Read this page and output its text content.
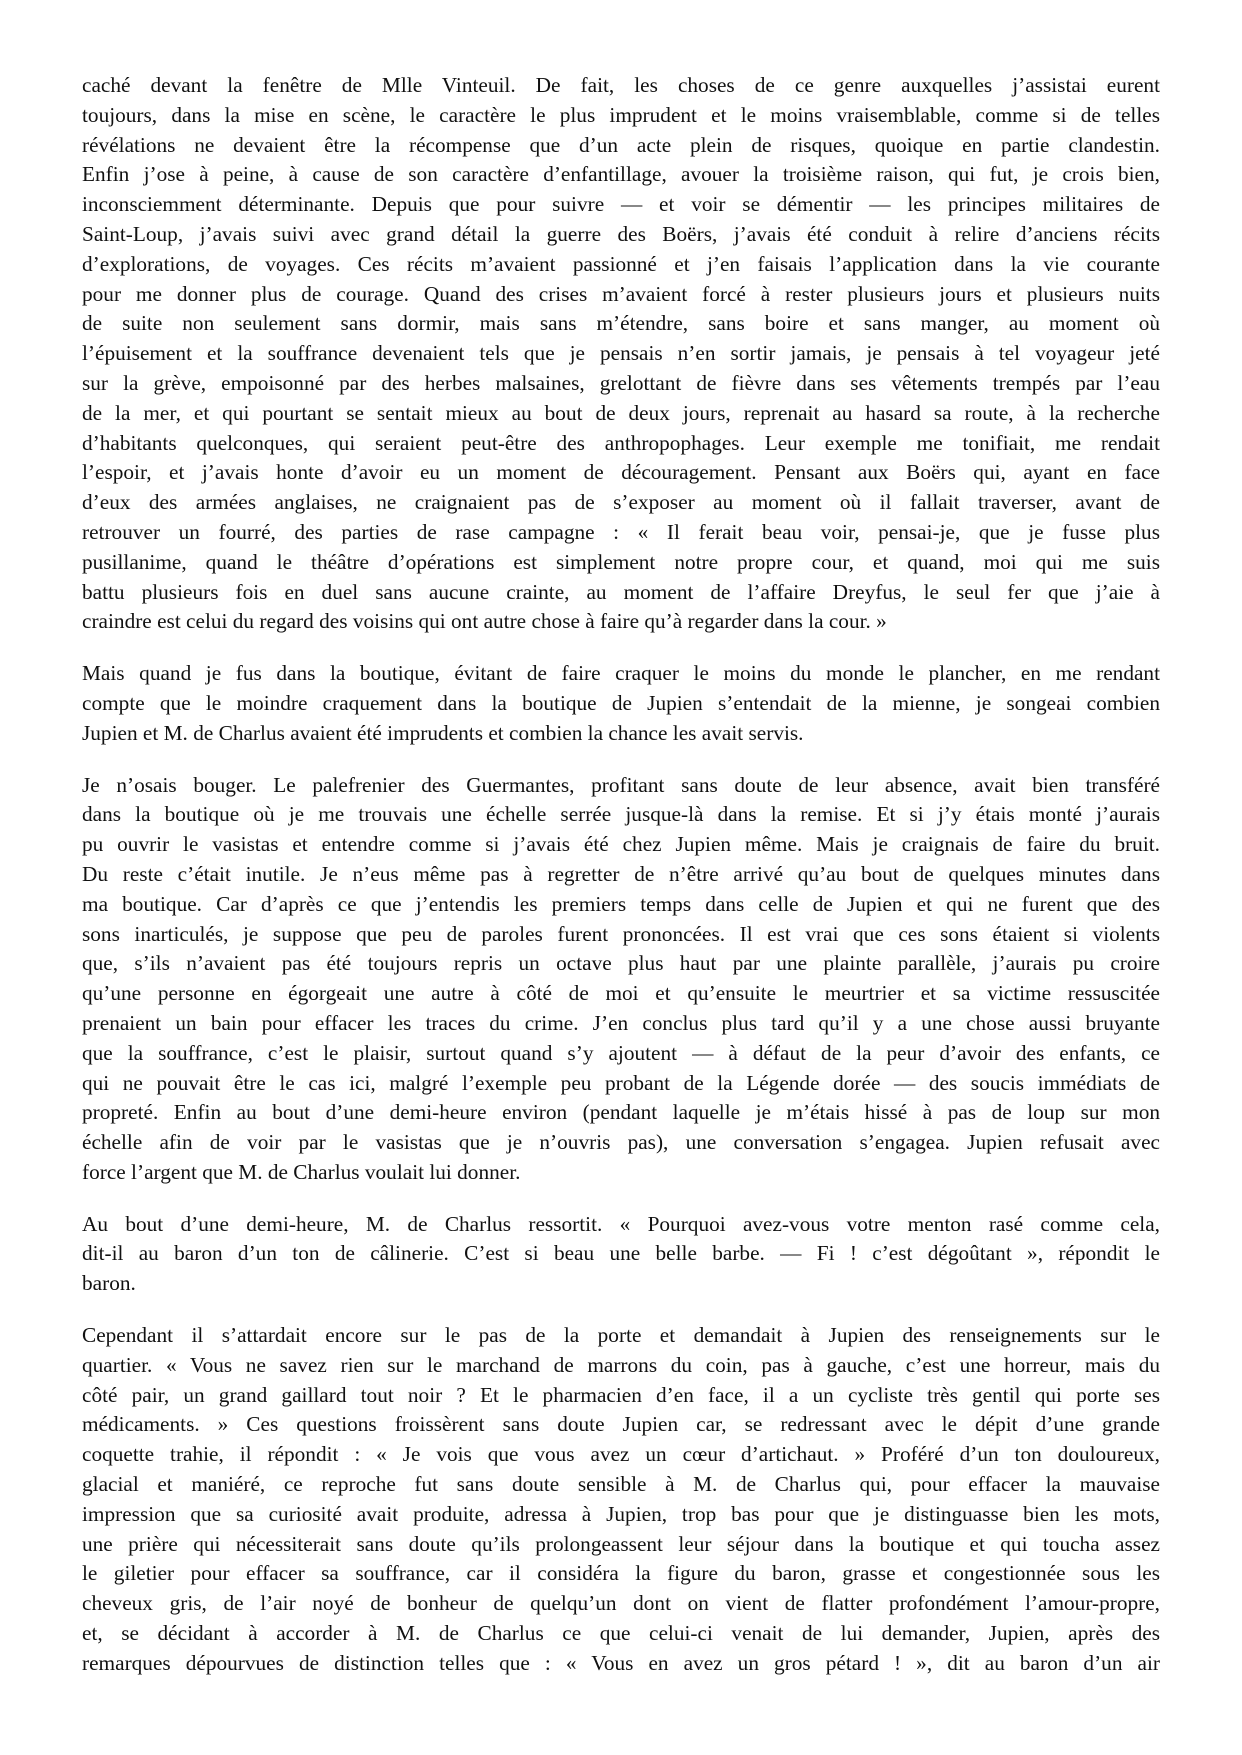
caché devant la fenêtre de Mlle Vinteuil. De fait, les choses de ce genre auxquelles j’assistai eurent
toujours, dans la mise en scène, le caractère le plus imprudent et le moins vraisemblable, comme si de telles
révélations ne devaient être la récompense que d’un acte plein de risques, quoique en partie clandestin.
Enfin j’ose à peine, à cause de son caractère d’enfantillage, avouer la troisième raison, qui fut, je crois bien,
inconsciemment déterminante. Depuis que pour suivre — et voir se démentir — les principes militaires de
Saint-Loup, j’avais suivi avec grand détail la guerre des Boërs, j’avais été conduit à relire d’anciens récits
d’explorations, de voyages. Ces récits m’avaient passionné et j’en faisais l’application dans la vie courante
pour me donner plus de courage. Quand des crises m’avaient forcé à rester plusieurs jours et plusieurs nuits
de suite non seulement sans dormir, mais sans m’étendre, sans boire et sans manger, au moment où
l’épuisement et la souffrance devenaient tels que je pensais n’en sortir jamais, je pensais à tel voyageur jeté
sur la grève, empoisonné par des herbes malsaines, grelottant de fièvre dans ses vêtements trempés par l’eau
de la mer, et qui pourtant se sentait mieux au bout de deux jours, reprenait au hasard sa route, à la recherche
d’habitants quelconques, qui seraient peut-être des anthropophages. Leur exemple me tonifiait, me rendait
l’espoir, et j’avais honte d’avoir eu un moment de découragement. Pensant aux Boërs qui, ayant en face
d’eux des armées anglaises, ne craignaient pas de s’exposer au moment où il fallait traverser, avant de
retrouver un fourré, des parties de rase campagne : « Il ferait beau voir, pensai-je, que je fusse plus
pusillanime, quand le théâtre d’opérations est simplement notre propre cour, et quand, moi qui me suis
battu plusieurs fois en duel sans aucune crainte, au moment de l’affaire Dreyfus, le seul fer que j’aie à
craindre est celui du regard des voisins qui ont autre chose à faire qu’à regarder dans la cour. »
Mais quand je fus dans la boutique, évitant de faire craquer le moins du monde le plancher, en me rendant
compte que le moindre craquement dans la boutique de Jupien s’entendait de la mienne, je songeai combien
Jupien et M. de Charlus avaient été imprudents et combien la chance les avait servis.
Je n’osais bouger. Le palefrenier des Guermantes, profitant sans doute de leur absence, avait bien transféré
dans la boutique où je me trouvais une échelle serrée jusque-là dans la remise. Et si j’y étais monté j’aurais
pu ouvrir le vasistas et entendre comme si j’avais été chez Jupien même. Mais je craignais de faire du bruit.
Du reste c’était inutile. Je n’eus même pas à regretter de n’être arrivé qu’au bout de quelques minutes dans
ma boutique. Car d’après ce que j’entendis les premiers temps dans celle de Jupien et qui ne furent que des
sons inarticulés, je suppose que peu de paroles furent prononcées. Il est vrai que ces sons étaient si violents
que, s’ils n’avaient pas été toujours repris un octave plus haut par une plainte parallèle, j’aurais pu croire
qu’une personne en égorgeait une autre à côté de moi et qu’ensuite le meurtrier et sa victime ressuscitée
prenaient un bain pour effacer les traces du crime. J’en conclus plus tard qu’il y a une chose aussi bruyante
que la souffrance, c’est le plaisir, surtout quand s’y ajoutent — à défaut de la peur d’avoir des enfants, ce
qui ne pouvait être le cas ici, malgré l’exemple peu probant de la Légende dorée — des soucis immédiats de
propreté. Enfin au bout d’une demi-heure environ (pendant laquelle je m’étais hissé à pas de loup sur mon
échelle afin de voir par le vasistas que je n’ouvris pas), une conversation s’engagea. Jupien refusait avec
force l’argent que M. de Charlus voulait lui donner.
Au bout d’une demi-heure, M. de Charlus ressortit. « Pourquoi avez-vous votre menton rasé comme cela,
dit-il au baron d’un ton de câlinerie. C’est si beau une belle barbe. — Fi ! c’est dégoûtant », répondit le
baron.
Cependant il s’attardait encore sur le pas de la porte et demandait à Jupien des renseignements sur le
quartier. « Vous ne savez rien sur le marchand de marrons du coin, pas à gauche, c’est une horreur, mais du
côté pair, un grand gaillard tout noir ? Et le pharmacien d’en face, il a un cycliste très gentil qui porte ses
médicaments. » Ces questions froissèrent sans doute Jupien car, se redressant avec le dépit d’une grande
coquette trahie, il répondit : « Je vois que vous avez un cœur d’artichaut. » Proféré d’un ton douloureux,
glacial et maniéré, ce reproche fut sans doute sensible à M. de Charlus qui, pour effacer la mauvaise
impression que sa curiosité avait produite, adressa à Jupien, trop bas pour que je distinguasse bien les mots,
une prière qui nécessiterait sans doute qu’ils prolongeassent leur séjour dans la boutique et qui toucha assez
le giletier pour effacer sa souffrance, car il considéra la figure du baron, grasse et congestionnée sous les
cheveux gris, de l’air noyé de bonheur de quelqu’un dont on vient de flatter profondément l’amour-propre,
et, se décidant à accorder à M. de Charlus ce que celui-ci venait de lui demander, Jupien, après des
remarques dépourvues de distinction telles que : « Vous en avez un gros pétard ! », dit au baron d’un air
